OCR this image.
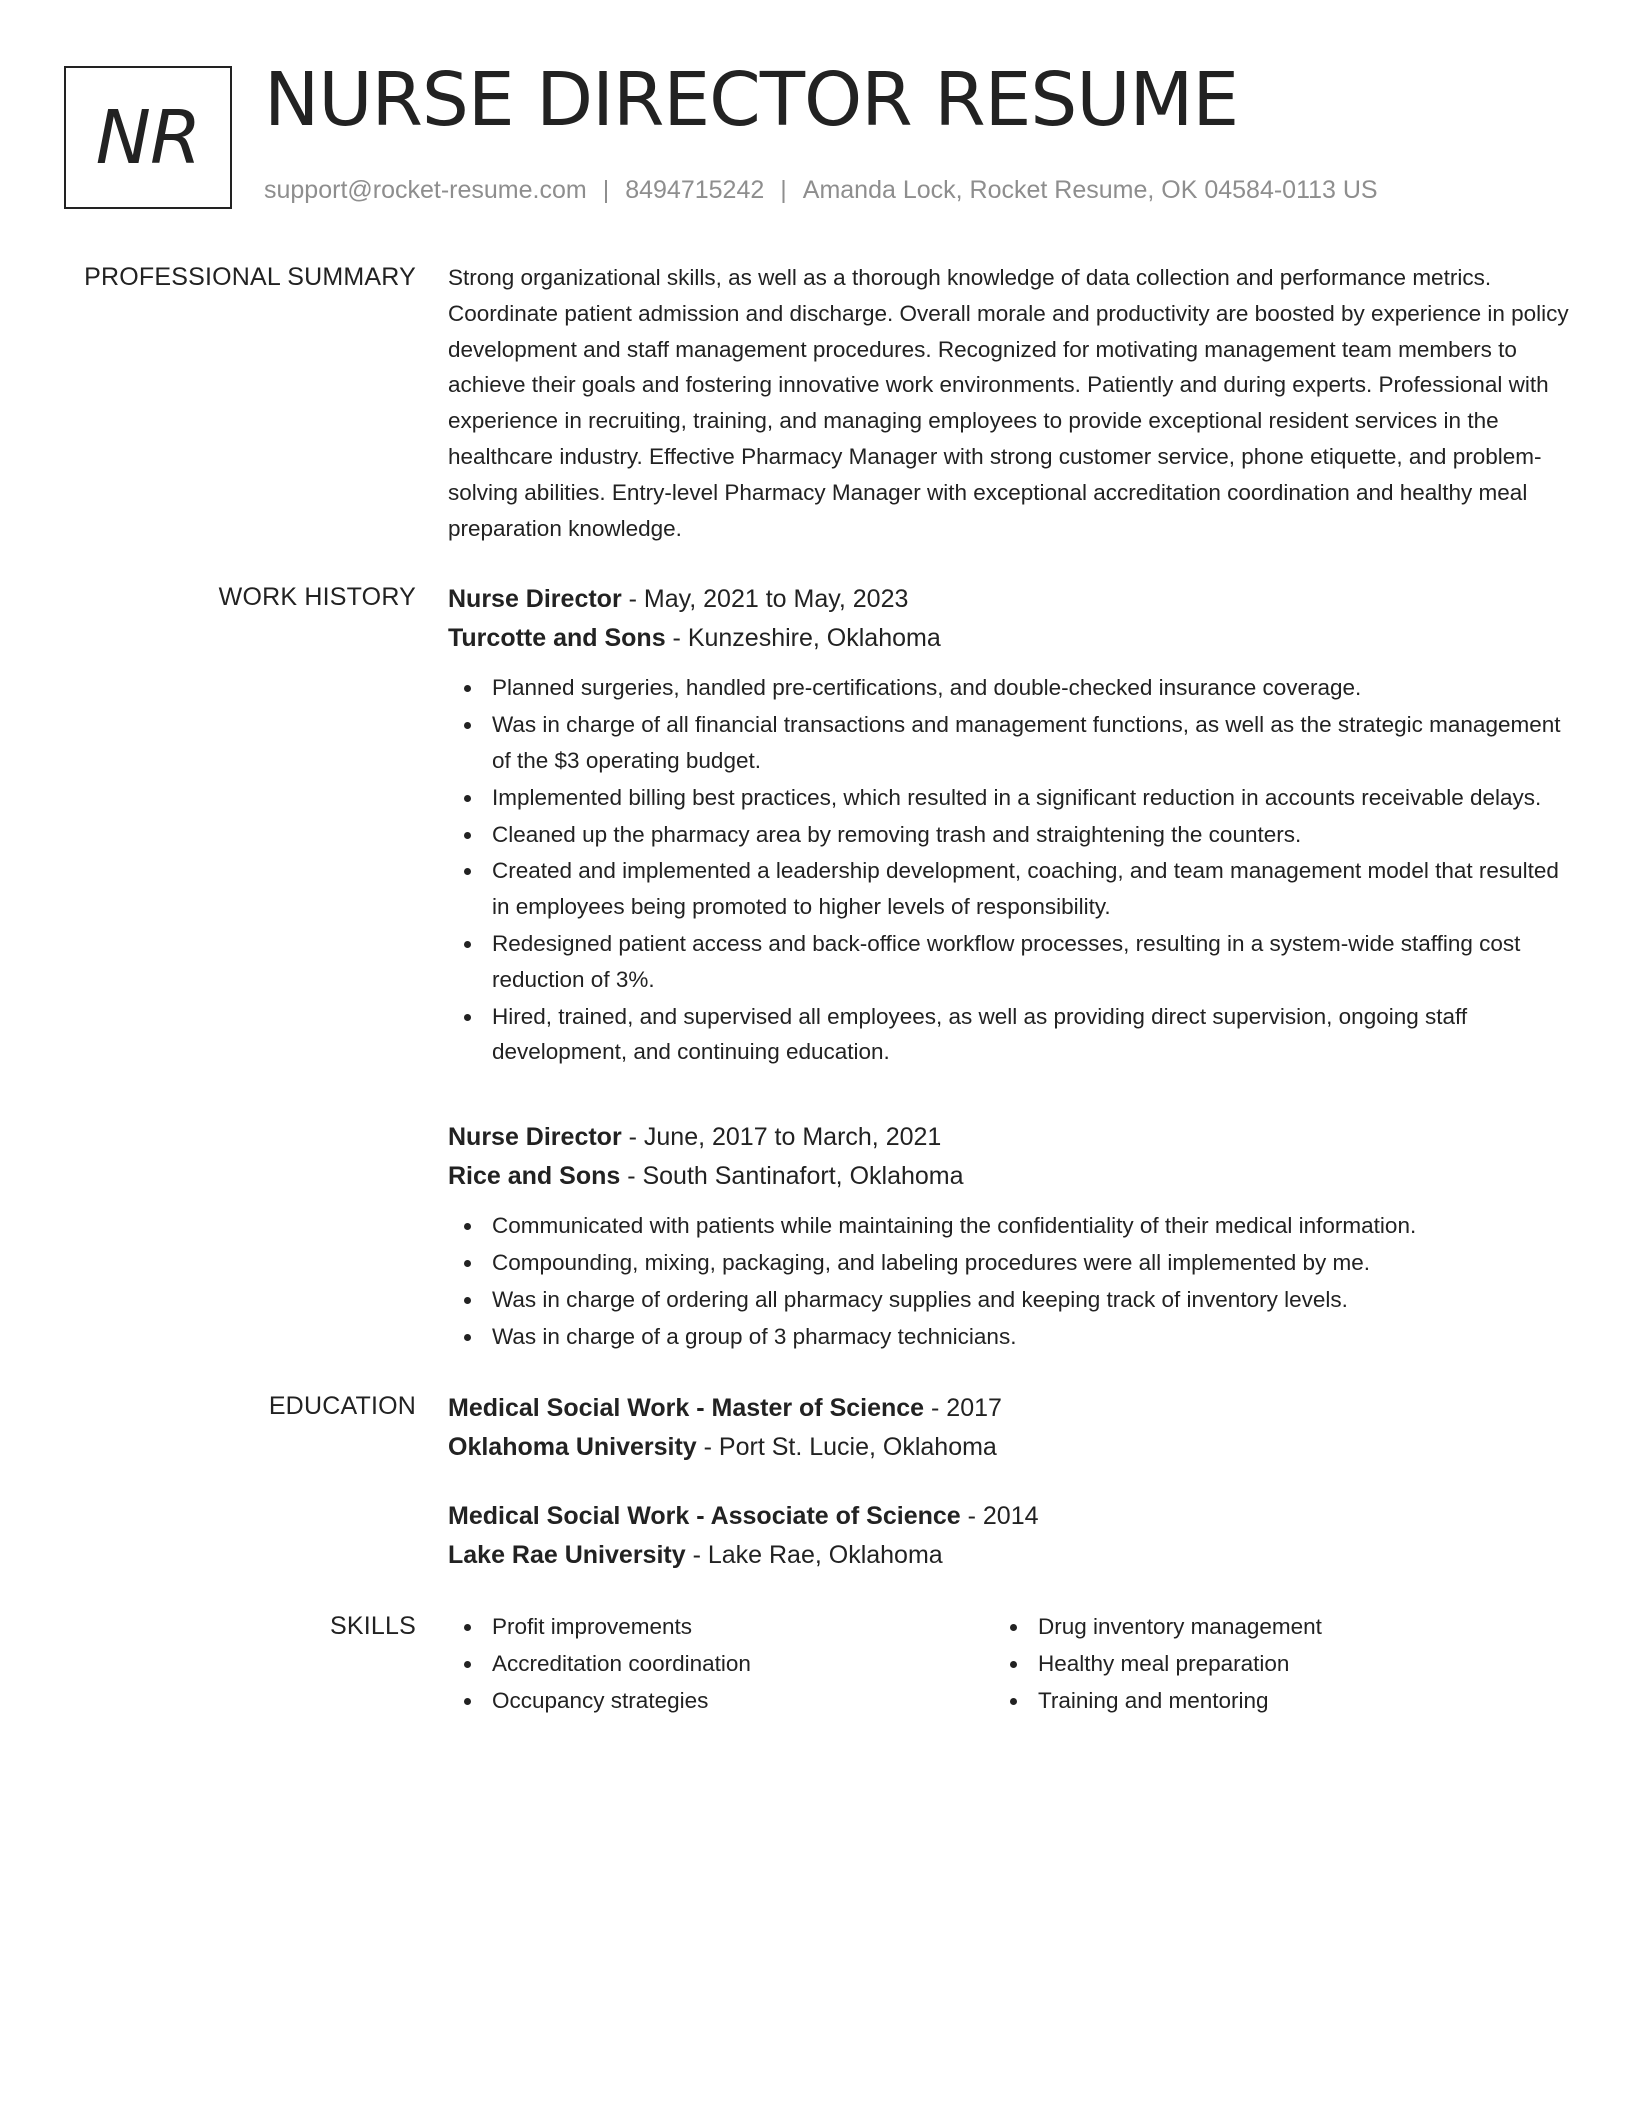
NR NURSE DIRECTOR RESUME
support@rocket-resume.com | 8494715242 | Amanda Lock, Rocket Resume, OK 04584-0113 US
PROFESSIONAL SUMMARY Strong organizational skills, as well as a thorough knowledge of data collection and performance metrics. Coordinate patient admission and discharge. Overall morale and productivity are boosted by experience in policy development and staff management procedures. Recognized for motivating management team members to achieve their goals and fostering innovative work environments. Patiently and during experts. Professional with experience in recruiting, training, and managing employees to provide exceptional resident services in the healthcare industry. Effective Pharmacy Manager with strong customer service, phone etiquette, and problem-solving abilities. Entry-level Pharmacy Manager with exceptional accreditation coordination and healthy meal preparation knowledge.

WORK HISTORY Nurse Director - May, 2021 to May, 2023
Turcotte and Sons - Kunzeshire, Oklahoma
Planned surgeries, handled pre-certifications, and double-checked insurance coverage.
Was in charge of all financial transactions and management functions, as well as the strategic management of the $3 operating budget.
Implemented billing best practices, which resulted in a significant reduction in accounts receivable delays.
Cleaned up the pharmacy area by removing trash and straightening the counters.
Created and implemented a leadership development, coaching, and team management model that resulted in employees being promoted to higher levels of responsibility.
Redesigned patient access and back-office workflow processes, resulting in a system-wide staffing cost reduction of 3%.
Hired, trained, and supervised all employees, as well as providing direct supervision, ongoing staff development, and continuing education.
Nurse Director - June, 2017 to March, 2021
Rice and Sons - South Santinafort, Oklahoma
Communicated with patients while maintaining the confidentiality of their medical information.
Compounding, mixing, packaging, and labeling procedures were all implemented by me.
Was in charge of ordering all pharmacy supplies and keeping track of inventory levels.
Was in charge of a group of 3 pharmacy technicians.
EDUCATION Medical Social Work - Master of Science - 2017
Oklahoma University - Port St. Lucie, Oklahoma
Medical Social Work - Associate of Science - 2014
Lake Rae University - Lake Rae, Oklahoma
SKILLS	Profit improvements
Accreditation coordination
Occupancy strategies
Drug inventory management
Healthy meal preparation
Training and mentoring
